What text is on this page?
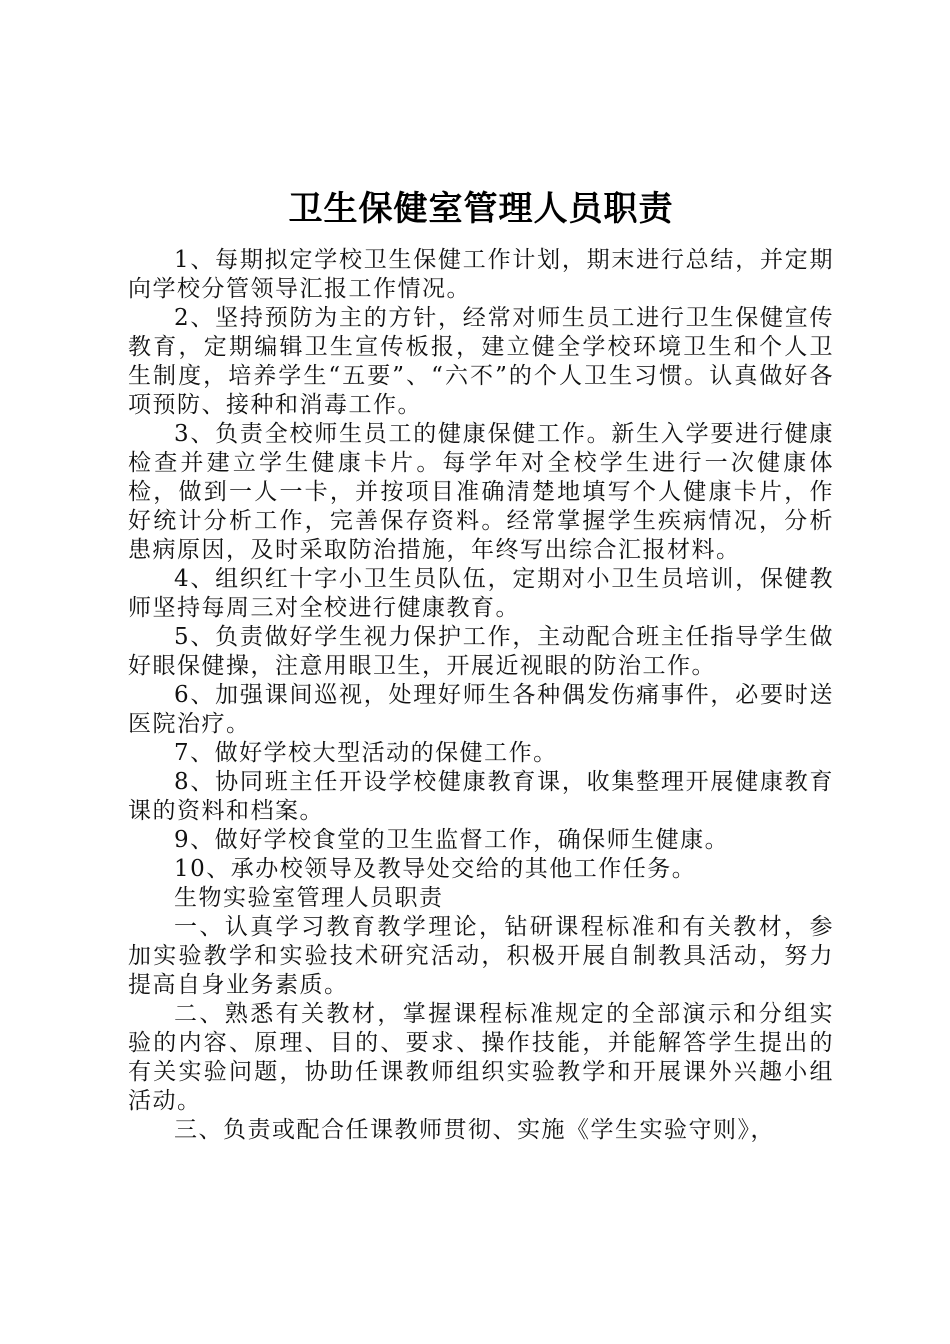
卫生保健室管理人员职责

1、每期拟定学校卫生保健工作计划，期末进行总结，并定期向学校分管领导汇报工作情况。

2、坚持预防为主的方针，经常对师生员工进行卫生保健宣传教育，定期编辑卫生宣传板报，建立健全学校环境卫生和个人卫生制度，培养学生“五要”、“六不”的个人卫生习惯。认真做好各项预防、接种和消毒工作。

3、负责全校师生员工的健康保健工作。新生入学要进行健康检查并建立学生健康卡片。每学年对全校学生进行一次健康体检，做到一人一卡，并按项目准确清楚地填写个人健康卡片，作好统计分析工作，完善保存资料。经常掌握学生疾病情况，分析患病原因，及时采取防治措施，年终写出综合汇报材料。

4、组织红十字小卫生员队伍，定期对小卫生员培训，保健教师坚持每周三对全校进行健康教育。

5、负责做好学生视力保护工作，主动配合班主任指导学生做好眼保健操，注意用眼卫生，开展近视眼的防治工作。

6、加强课间巡视，处理好师生各种偶发伤痛事件，必要时送医院治疗。

7、做好学校大型活动的保健工作。

8、协同班主任开设学校健康教育课，收集整理开展健康教育课的资料和档案。

9、做好学校食堂的卫生监督工作，确保师生健康。

10、承办校领导及教导处交给的其他工作任务。

生物实验室管理人员职责

一、认真学习教育教学理论，钻研课程标准和有关教材，参加实验教学和实验技术研究活动，积极开展自制教具活动，努力提高自身业务素质。

二、熟悉有关教材，掌握课程标准规定的全部演示和分组实验的内容、原理、目的、要求、操作技能，并能解答学生提出的有关实验问题，协助任课教师组织实验教学和开展课外兴趣小组活动。

三、负责或配合任课教师贯彻、实施《学生实验守则》，
